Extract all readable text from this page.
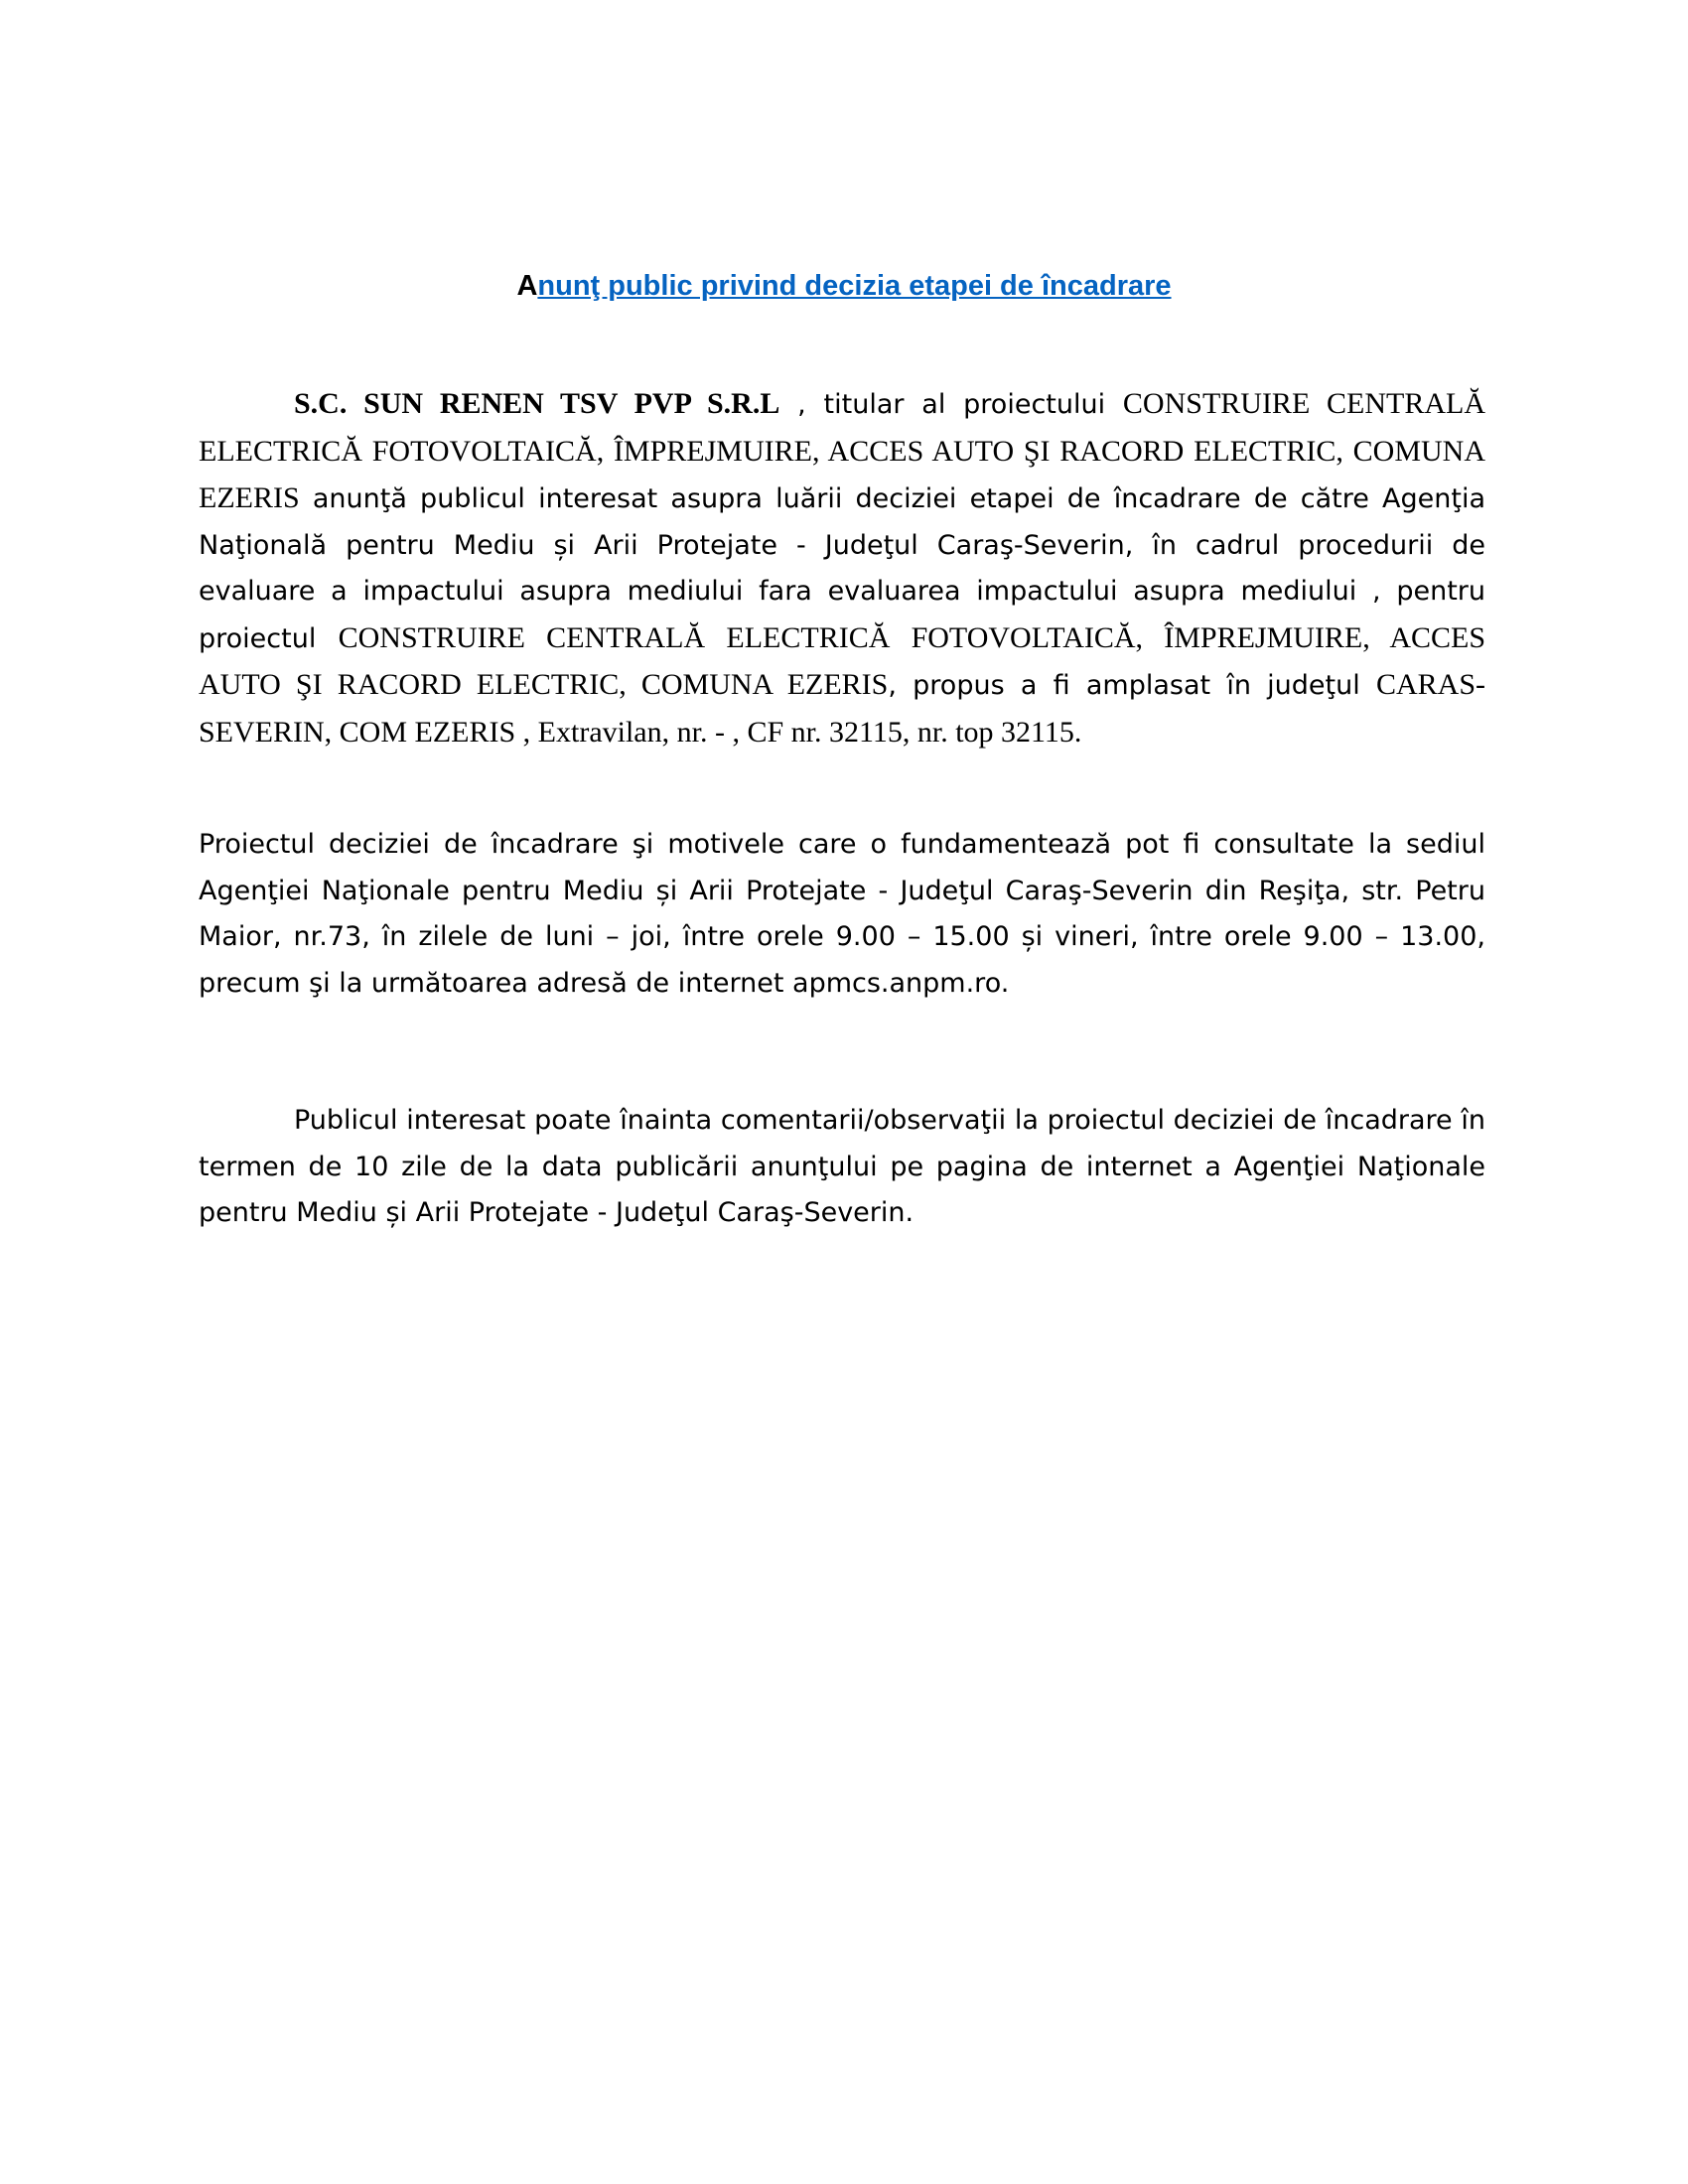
Anunţ public privind decizia etapei de încadrare

S.C. SUN RENEN TSV PVP S.R.L , titular al proiectului CONSTRUIRE CENTRALĂ ELECTRICĂ FOTOVOLTAICĂ, ÎMPREJMUIRE, ACCES AUTO ŞI RACORD ELECTRIC, COMUNA EZERIS anunţă publicul interesat asupra luării deciziei etapei de încadrare de către Agenţia Naţională pentru Mediu și Arii Protejate - Judeţul Caraş-Severin, în cadrul procedurii de evaluare a impactului asupra mediului fara evaluarea impactului asupra mediului , pentru proiectul CONSTRUIRE CENTRALĂ ELECTRICĂ FOTOVOLTAICĂ, ÎMPREJMUIRE, ACCES AUTO ŞI RACORD ELECTRIC, COMUNA EZERIS, propus a fi amplasat în judeţul CARAS-SEVERIN, COM EZERIS , Extravilan, nr. - , CF nr. 32115, nr. top 32115.

Proiectul deciziei de încadrare şi motivele care o fundamentează pot fi consultate la sediul Agenţiei Naţionale pentru Mediu și Arii Protejate - Judeţul Caraş-Severin din Reşiţa, str. Petru Maior, nr.73, în zilele de luni – joi, între orele 9.00 – 15.00 și vineri, între orele 9.00 – 13.00, precum şi la următoarea adresă de internet apmcs.anpm.ro.

Publicul interesat poate înainta comentarii/observaţii la proiectul deciziei de încadrare în termen de 10 zile de la data publicării anunţului pe pagina de internet a Agenţiei Naţionale pentru Mediu și Arii Protejate - Judeţul Caraş-Severin.
